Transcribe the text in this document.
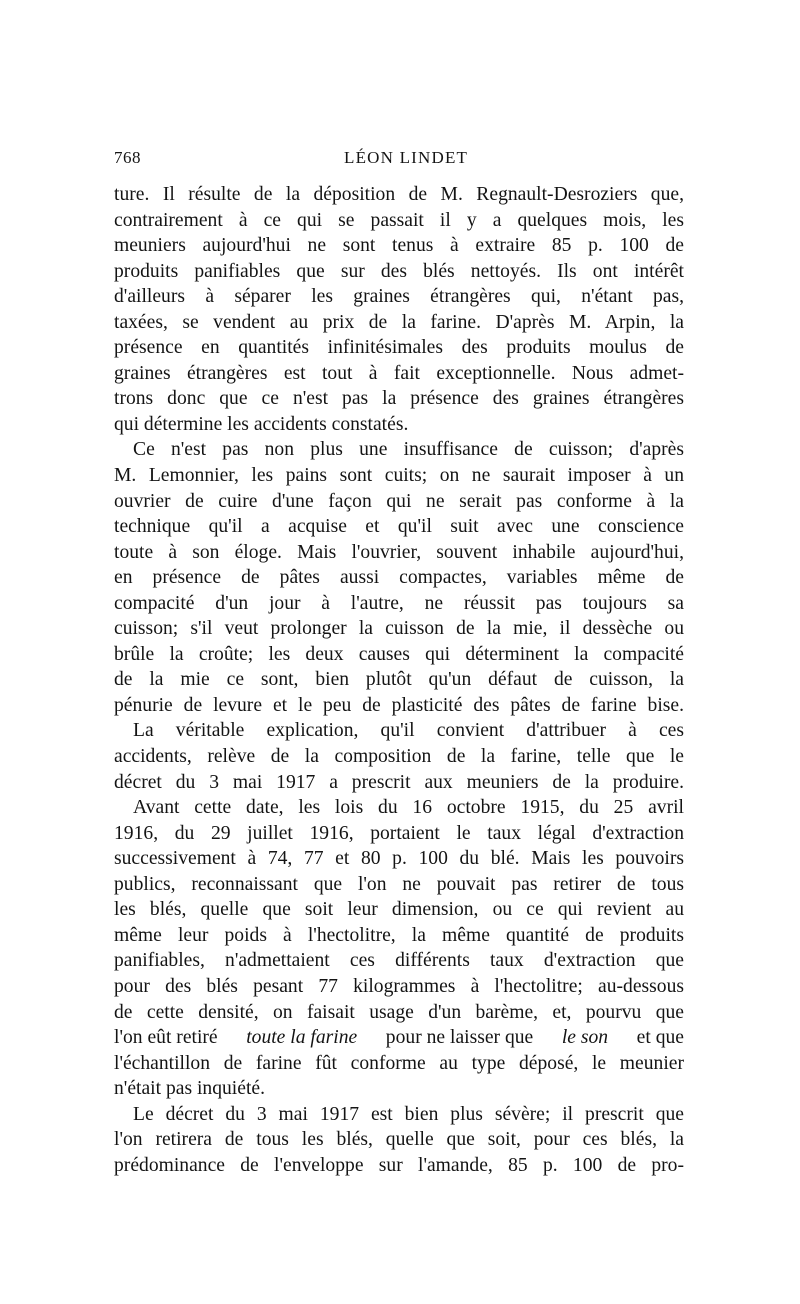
768	LÉON LINDET
ture. Il résulte de la déposition de M. Regnault-Desroziers que,
contrairement à ce qui se passait il y a quelques mois, les
meuniers aujourd'hui ne sont tenus à extraire 85 p. 100 de
produits panifiables que sur des blés nettoyés. Ils ont intérêt
d'ailleurs à séparer les graines étrangères qui, n'étant pas,
taxées, se vendent au prix de la farine. D'après M. Arpin, la
présence en quantités infinitésimales des produits moulus de
graines étrangères est tout à fait exceptionnelle. Nous admet-
trons donc que ce n'est pas la présence des graines étrangères
qui détermine les accidents constatés.
Ce n'est pas non plus une insuffisance de cuisson; d'après
M. Lemonnier, les pains sont cuits; on ne saurait imposer à un
ouvrier de cuire d'une façon qui ne serait pas conforme à la
technique qu'il a acquise et qu'il suit avec une conscience
toute à son éloge. Mais l'ouvrier, souvent inhabile aujourd'hui,
en présence de pâtes aussi compactes, variables même de
compacité d'un jour à l'autre, ne réussit pas toujours sa
cuisson; s'il veut prolonger la cuisson de la mie, il dessèche ou
brûle la croûte; les deux causes qui déterminent la compacité
de la mie ce sont, bien plutôt qu'un défaut de cuisson, la
pénurie de levure et le peu de plasticité des pâtes de farine bise.
La véritable explication, qu'il convient d'attribuer à ces
accidents, relève de la composition de la farine, telle que le
décret du 3 mai 1917 a prescrit aux meuniers de la produire.
Avant cette date, les lois du 16 octobre 1915, du 25 avril
1916, du 29 juillet 1916, portaient le taux légal d'extraction
successivement à 74, 77 et 80 p. 100 du blé. Mais les pouvoirs
publics, reconnaissant que l'on ne pouvait pas retirer de tous
les blés, quelle que soit leur dimension, ou ce qui revient au
même leur poids à l'hectolitre, la même quantité de produits
panifiables, n'admettaient ces différents taux d'extraction que
pour des blés pesant 77 kilogrammes à l'hectolitre; au-dessous
de cette densité, on faisait usage d'un barème, et, pourvu que
l'on eût retiré toute la farine pour ne laisser que le son et que
l'échantillon de farine fût conforme au type déposé, le meunier
n'était pas inquiété.
Le décret du 3 mai 1917 est bien plus sévère; il prescrit que
l'on retirera de tous les blés, quelle que soit, pour ces blés, la
prédominance de l'enveloppe sur l'amande, 85 p. 100 de pro-
